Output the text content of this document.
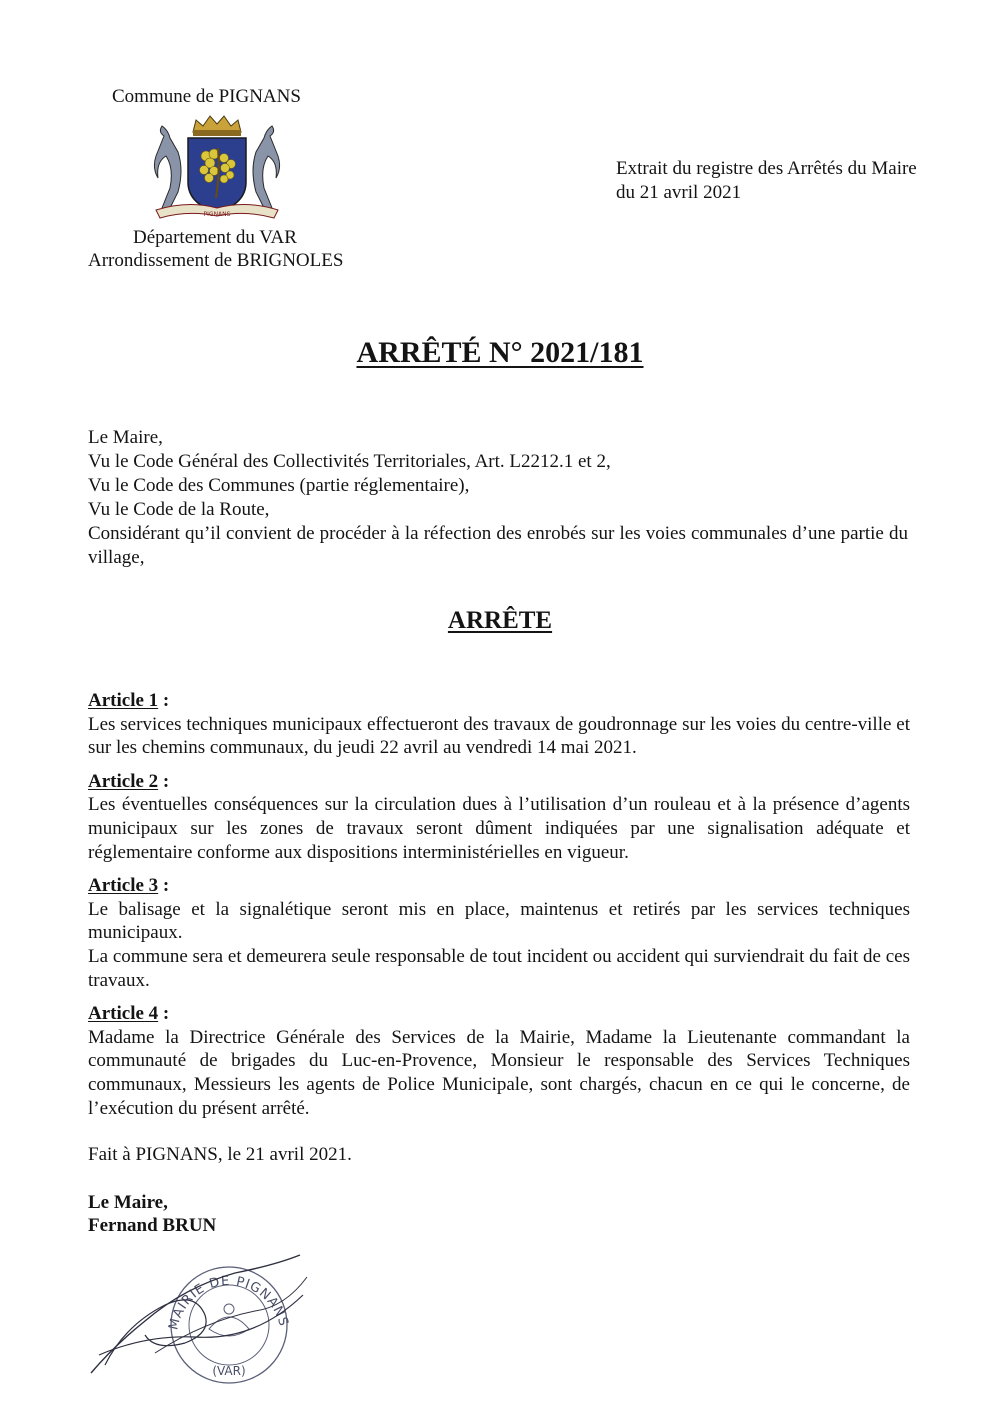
Commune de PIGNANS
PIGNANS
Département du VAR
Arrondissement de BRIGNOLES
Extrait du registre des Arrêtés du Maire
du 21 avril 2021
ARRÊTÉ N° 2021/181
Le Maire,
Vu le Code Général des Collectivités Territoriales, Art. L2212.1 et 2,
Vu le Code des Communes (partie réglementaire),
Vu le Code de la Route,
Considérant qu’il convient de procéder à la réfection des enrobés sur les voies communales d’une partie du village,
ARRÊTE
Article 1 :

Les services techniques municipaux effectueront des travaux de goudronnage sur les voies du centre-ville et sur les chemins communaux, du jeudi 22 avril au vendredi 14 mai 2021.

Article 2 :

Les éventuelles conséquences sur la circulation dues à l’utilisation d’un rouleau et à la présence d’agents municipaux sur les zones de travaux seront dûment indiquées par une signalisation adéquate et réglementaire conforme aux dispositions interministérielles en vigueur.

Article 3 :

Le balisage et la signalétique seront mis en place, maintenus et retirés par les services techniques municipaux.

La commune sera et demeurera seule responsable de tout incident ou accident qui surviendrait du fait de ces travaux.

Article 4 :

Madame la Directrice Générale des Services de la Mairie, Madame la Lieutenante commandant la communauté de brigades du Luc-en-Provence, Monsieur le responsable des Services Techniques communaux, Messieurs les agents de Police Municipale, sont chargés, chacun en ce qui le concerne, de l’exécution du présent arrêté.

Fait à PIGNANS, le 21 avril 2021.
Le Maire,
Fernand BRUN
MAIRIE DE PIGNANS
(VAR)
